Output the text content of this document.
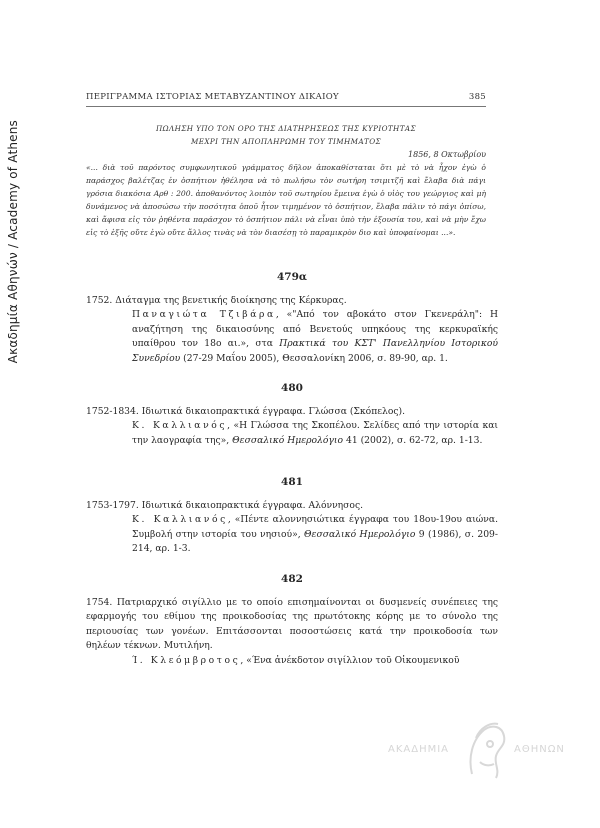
Ακαδημία Αθηνών / Academy of Athens
ΠΕΡΙΓΡΑΜΜΑ ΙΣΤΟΡΙΑΣ ΜΕΤΑΒΥΖΑΝΤΙΝΟΥ ΔΙΚΑΙΟΥ	385
ΠΩΛΗΣΗ ΥΠΟ ΤΟΝ ΟΡΟ ΤΗΣ ΔΙΑΤΗΡΗΣΕΩΣ ΤΗΣ ΚΥΡΙΟΤΗΤΑΣ
ΜΕΧΡΙ ΤΗΝ ΑΠΟΠΛΗΡΩΜΗ ΤΟΥ ΤΙΜΗΜΑΤΟΣ
1856, 8 Οκτωβρίου
«... διὰ τοῦ παρόντος συμφωνητικοῦ γράμματος δῆλον ἀποκαθίσταται ὅτι μὲ τὸ νὰ ἦχον ἐγὼ ὁ παράσχος βαλέτζας ἐν ὀσπήτιον ἠθέλησα νὰ τὸ πωλήσω τὸν σωτήρη τσιμιτζῆ καὶ ἔλαβα διὰ πάγι γρόσια διακόσια Αρθ : 200. ἀποθανόντος λοιπὸν τοῦ σωτηρίου ἔμεινα ἐγὼ ὁ υἱὸς του γεώργιος καὶ μὴ δυνάμενος νὰ ἀποσώσω τὴν ποσότητα ὁποῦ ἦτον τιμημένον τὸ ὀσπήτιον, ἔλαβα πάλιν τὸ πάγι ὀπίσω, καὶ ἄφισα εἰς τὸν ῥηθέντα παράσχον τὸ ὀσπήτιον πάλι νὰ εἶναι ὑπὸ τὴν ἐξουσία του, καὶ νὰ μὴν ἔχω εἰς τὸ ἑξῆς οὔτε ἐγὼ οὔτε ἄλλος τινὰς νὰ τὸν διασέσῃ τὸ παραμικρὸν διο καὶ ὑποφαίνομαι ...».

479α

1752. Διάταγμα της βενετικής διοίκησης της Κέρκυρας.

Παναγιώτα Τζιβάρα, «"Από τον αβοκάτο στον Γκενεράλη": Η αναζήτηση της δικαιοσύνης από Βενετούς υπηκόους της κερκυραϊκής υπαίθρου τον 18ο αι.», στα Πρακτικά του ΚΣΤ' Πανελληνίου Ιστορικού Συνεδρίου (27-29 Μαΐου 2005), Θεσσαλονίκη 2006, σ. 89-90, αρ. 1.

480

1752-1834. Ιδιωτικά δικαιοπρακτικά έγγραφα. Γλώσσα (Σκόπελος).

Κ. Καλλιανός, «Η Γλώσσα της Σκοπέλου. Σελίδες από την ιστορία και την λαογραφία της», Θεσσαλικό Ημερολόγιο 41 (2002), σ. 62-72, αρ. 1-13.

481

1753-1797. Ιδιωτικά δικαιοπρακτικά έγγραφα. Αλόννησος.

Κ. Καλλιανός, «Πέντε αλοννησιώτικα έγγραφα του 18ου-19ου αιώνα. Συμβολή στην ιστορία του νησιού», Θεσσαλικό Ημερολόγιο 9 (1986), σ. 209-214, αρ. 1-3.

482

1754. Πατριαρχικό σιγίλλιο με το οποίο επισημαίνονται οι δυσμενείς συνέπειες της εφαρμογής του εθίμου της προικοδοσίας της πρωτότοκης κόρης με το σύνολο της περιουσίας των γονέων. Επιτάσσονται ποσοστώσεις κατά την προικοδοσία των θηλέων τέκνων. Μυτιλήνη.

Ί. Κλεόμβροτος, «Ένα ἀνέκδοτον σιγίλλιον τοῦ Οἰκουμενικοῦ

ΑΚΑΔΗΜΙΑ	ΑΘΗΝΩΝ
